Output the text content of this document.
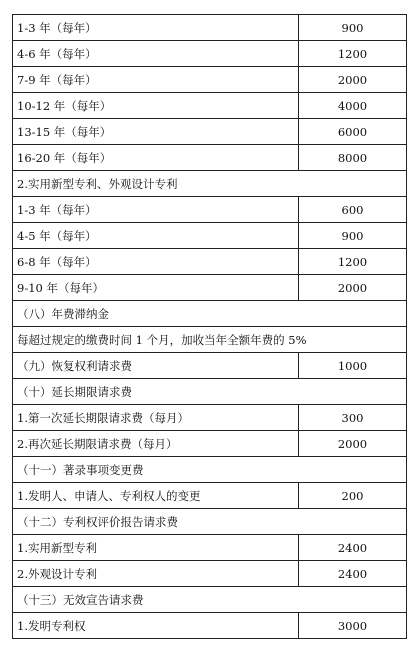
1-3 年（每年）	900
4-6 年（每年）	1200
7-9 年（每年）	2000
10-12 年（每年）	4000
13-15 年（每年）	6000
16-20 年（每年）	8000
2.实用新型专利、外观设计专利	
1-3 年（每年）	600
4-5 年（每年）	900
6-8 年（每年）	1200
9-10 年（每年）	2000
（八）年费滞纳金	
每超过规定的缴费时间 1 个月，加收当年全额年费的 5%	
（九）恢复权利请求费	1000
（十）延长期限请求费	
1.第一次延长期限请求费（每月）	300
2.再次延长期限请求费（每月）	2000
（十一）著录事项变更费	
1.发明人、申请人、专利权人的变更	200
（十二）专利权评价报告请求费	
1.实用新型专利	2400
2.外观设计专利	2400
（十三）无效宣告请求费	
1.发明专利权	3000
